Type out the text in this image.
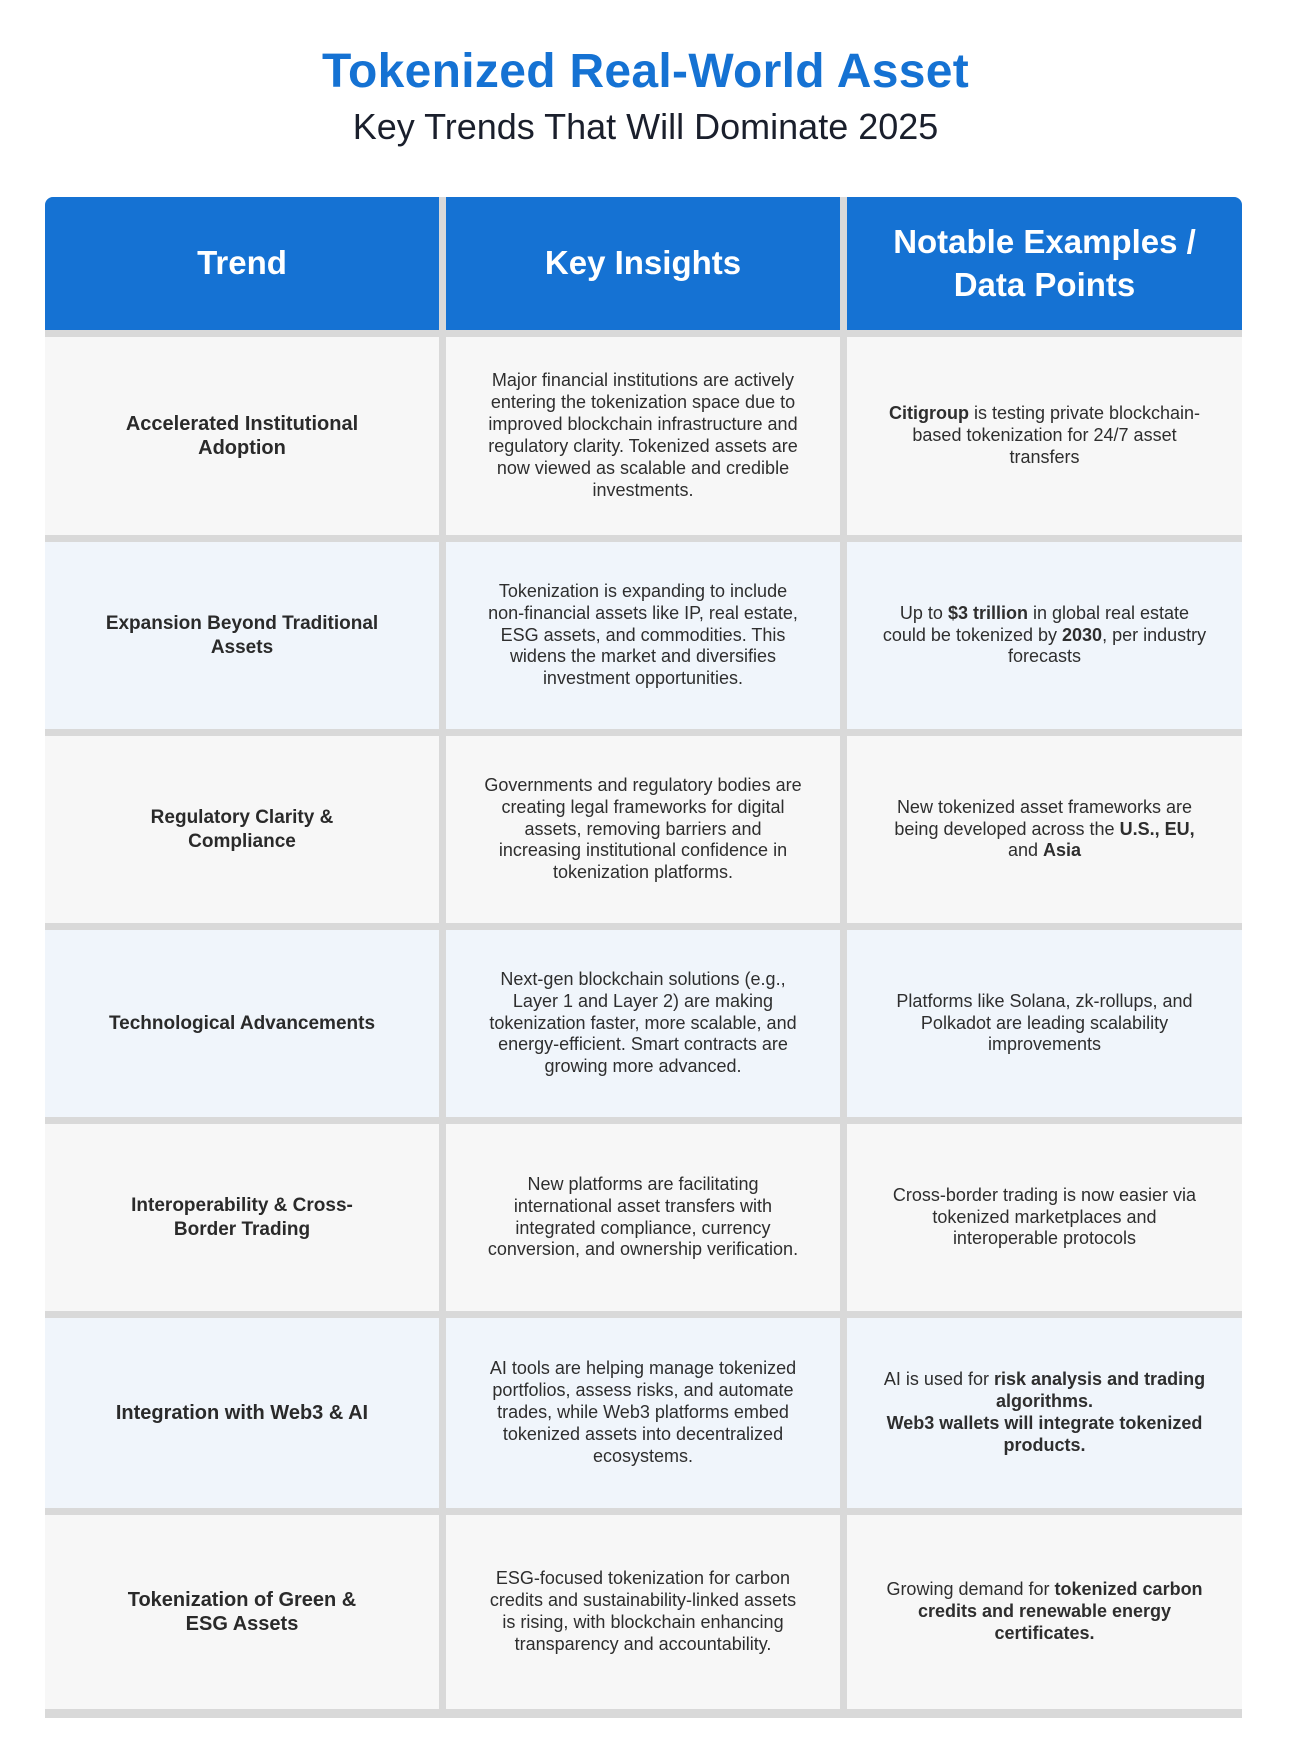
Tokenized Real-World Asset
Key Trends That Will Dominate 2025
Trend	Key Insights
Notable Examples / Data Points
Accelerated Institutional Adoption
Major financial institutions are actively entering the tokenization space due to improved blockchain infrastructure and regulatory clarity. Tokenized assets are now viewed as scalable and credible investments.
Citigroup is testing private blockchain-based tokenization for 24/7 asset transfers
Expansion Beyond Traditional Assets
Tokenization is expanding to include non-financial assets like IP, real estate, ESG assets, and commodities. This widens the market and diversifies investment opportunities.
Up to $3 trillion in global real estate could be tokenized by 2030, per industry forecasts
Regulatory Clarity & Compliance
Governments and regulatory bodies are creating legal frameworks for digital assets, removing barriers and increasing institutional confidence in tokenization platforms.
New tokenized asset frameworks are being developed across the U.S., EU, and Asia
Technological Advancements
Next-gen blockchain solutions (e.g., Layer 1 and Layer 2) are making tokenization faster, more scalable, and energy-efficient. Smart contracts are growing more advanced.
Platforms like Solana, zk-rollups, and Polkadot are leading scalability improvements
Interoperability & Cross-Border Trading
New platforms are facilitating international asset transfers with integrated compliance, currency conversion, and ownership verification.
Cross-border trading is now easier via tokenized marketplaces and interoperable protocols
Integration with Web3 & AI
AI tools are helping manage tokenized portfolios, assess risks, and automate trades, while Web3 platforms embed tokenized assets into decentralized ecosystems.
AI is used for risk analysis and trading algorithms.
Web3 wallets will integrate tokenized products.
Tokenization of Green & ESG Assets
ESG-focused tokenization for carbon credits and sustainability-linked assets is rising, with blockchain enhancing transparency and accountability.
Growing demand for tokenized carbon credits and renewable energy certificates.
